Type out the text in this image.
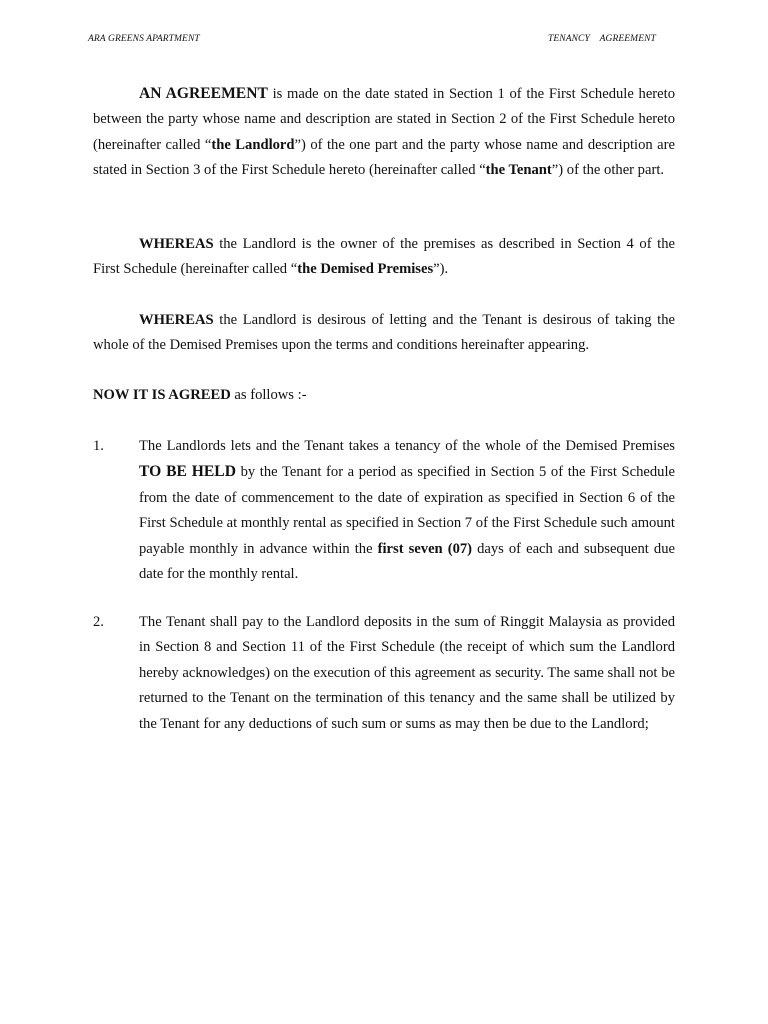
ARA GREENS APARTMENT	TENANCY    AGREEMENT

AN AGREEMENT is made on the date stated in Section 1 of the First Schedule hereto between the party whose name and description are stated in Section 2 of the First Schedule hereto (hereinafter called “the Landlord”) of the one part and the party whose name and description are stated in Section 3 of the First Schedule hereto (hereinafter called “the Tenant”) of the other part.

WHEREAS the Landlord is the owner of the premises as described in Section 4 of the First Schedule (hereinafter called “the Demised Premises”).

WHEREAS the Landlord is desirous of letting and the Tenant is desirous of taking the whole of the Demised Premises upon the terms and conditions hereinafter appearing.

NOW IT IS AGREED as follows :-

1. The Landlords lets and the Tenant takes a tenancy of the whole of the Demised Premises TO BE HELD by the Tenant for a period as specified in Section 5 of the First Schedule from the date of commencement to the date of expiration as specified in Section 6 of the First Schedule at monthly rental as specified in Section 7 of the First Schedule such amount payable monthly in advance within the first seven (07) days of each and subsequent due date for the monthly rental.

2. The Tenant shall pay to the Landlord deposits in the sum of Ringgit Malaysia as provided in Section 8 and Section 11 of the First Schedule (the receipt of which sum the Landlord hereby acknowledges) on the execution of this agreement as security. The same shall not be returned to the Tenant on the termination of this tenancy and the same shall be utilized by the Tenant for any deductions of such sum or sums as may then be due to the Landlord;
